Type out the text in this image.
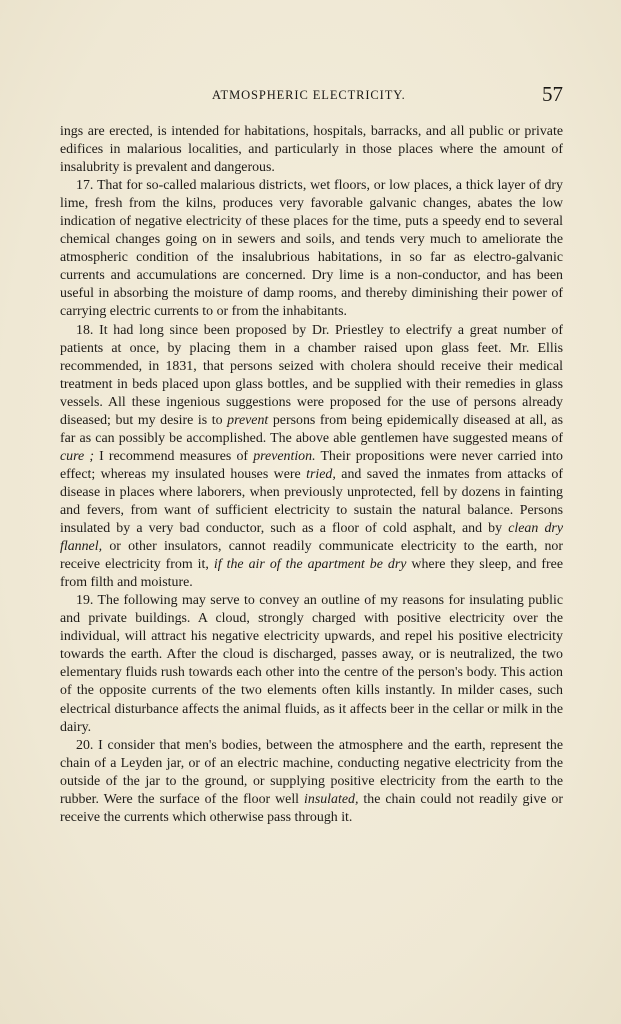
ATMOSPHERIC ELECTRICITY.	57

ings are erected, is intended for habitations, hospitals, barracks, and all public or private edifices in malarious localities, and particularly in those places where the amount of insalubrity is prevalent and dangerous.

17. That for so-called malarious districts, wet floors, or low places, a thick layer of dry lime, fresh from the kilns, produces very favorable galvanic changes, abates the low indication of negative electricity of these places for the time, puts a speedy end to several chemical changes going on in sewers and soils, and tends very much to ameliorate the atmospheric condition of the insalubrious habitations, in so far as electro-galvanic currents and accumulations are concerned. Dry lime is a non-conductor, and has been useful in absorbing the moisture of damp rooms, and thereby diminishing their power of carrying electric currents to or from the inhabitants.

18. It had long since been proposed by Dr. Priestley to electrify a great number of patients at once, by placing them in a chamber raised upon glass feet. Mr. Ellis recommended, in 1831, that persons seized with cholera should receive their medical treatment in beds placed upon glass bottles, and be supplied with their remedies in glass vessels. All these ingenious suggestions were proposed for the use of persons already diseased; but my desire is to prevent persons from being epidemically diseased at all, as far as can possibly be accomplished. The above able gentlemen have suggested means of cure ; I recommend measures of prevention. Their propositions were never carried into effect; whereas my insulated houses were tried, and saved the inmates from attacks of disease in places where laborers, when previously unprotected, fell by dozens in fainting and fevers, from want of sufficient electricity to sustain the natural balance. Persons insulated by a very bad conductor, such as a floor of cold asphalt, and by clean dry flannel, or other insulators, cannot readily communicate electricity to the earth, nor receive electricity from it, if the air of the apartment be dry where they sleep, and free from filth and moisture.

19. The following may serve to convey an outline of my reasons for insulating public and private buildings. A cloud, strongly charged with positive electricity over the individual, will attract his negative electricity upwards, and repel his positive electricity towards the earth. After the cloud is discharged, passes away, or is neutralized, the two elementary fluids rush towards each other into the centre of the person's body. This action of the opposite currents of the two elements often kills instantly. In milder cases, such electrical disturbance affects the animal fluids, as it affects beer in the cellar or milk in the dairy.

20. I consider that men's bodies, between the atmosphere and the earth, represent the chain of a Leyden jar, or of an electric machine, conducting negative electricity from the outside of the jar to the ground, or supplying positive electricity from the earth to the rubber. Were the surface of the floor well insulated, the chain could not readily give or receive the currents which otherwise pass through it.
